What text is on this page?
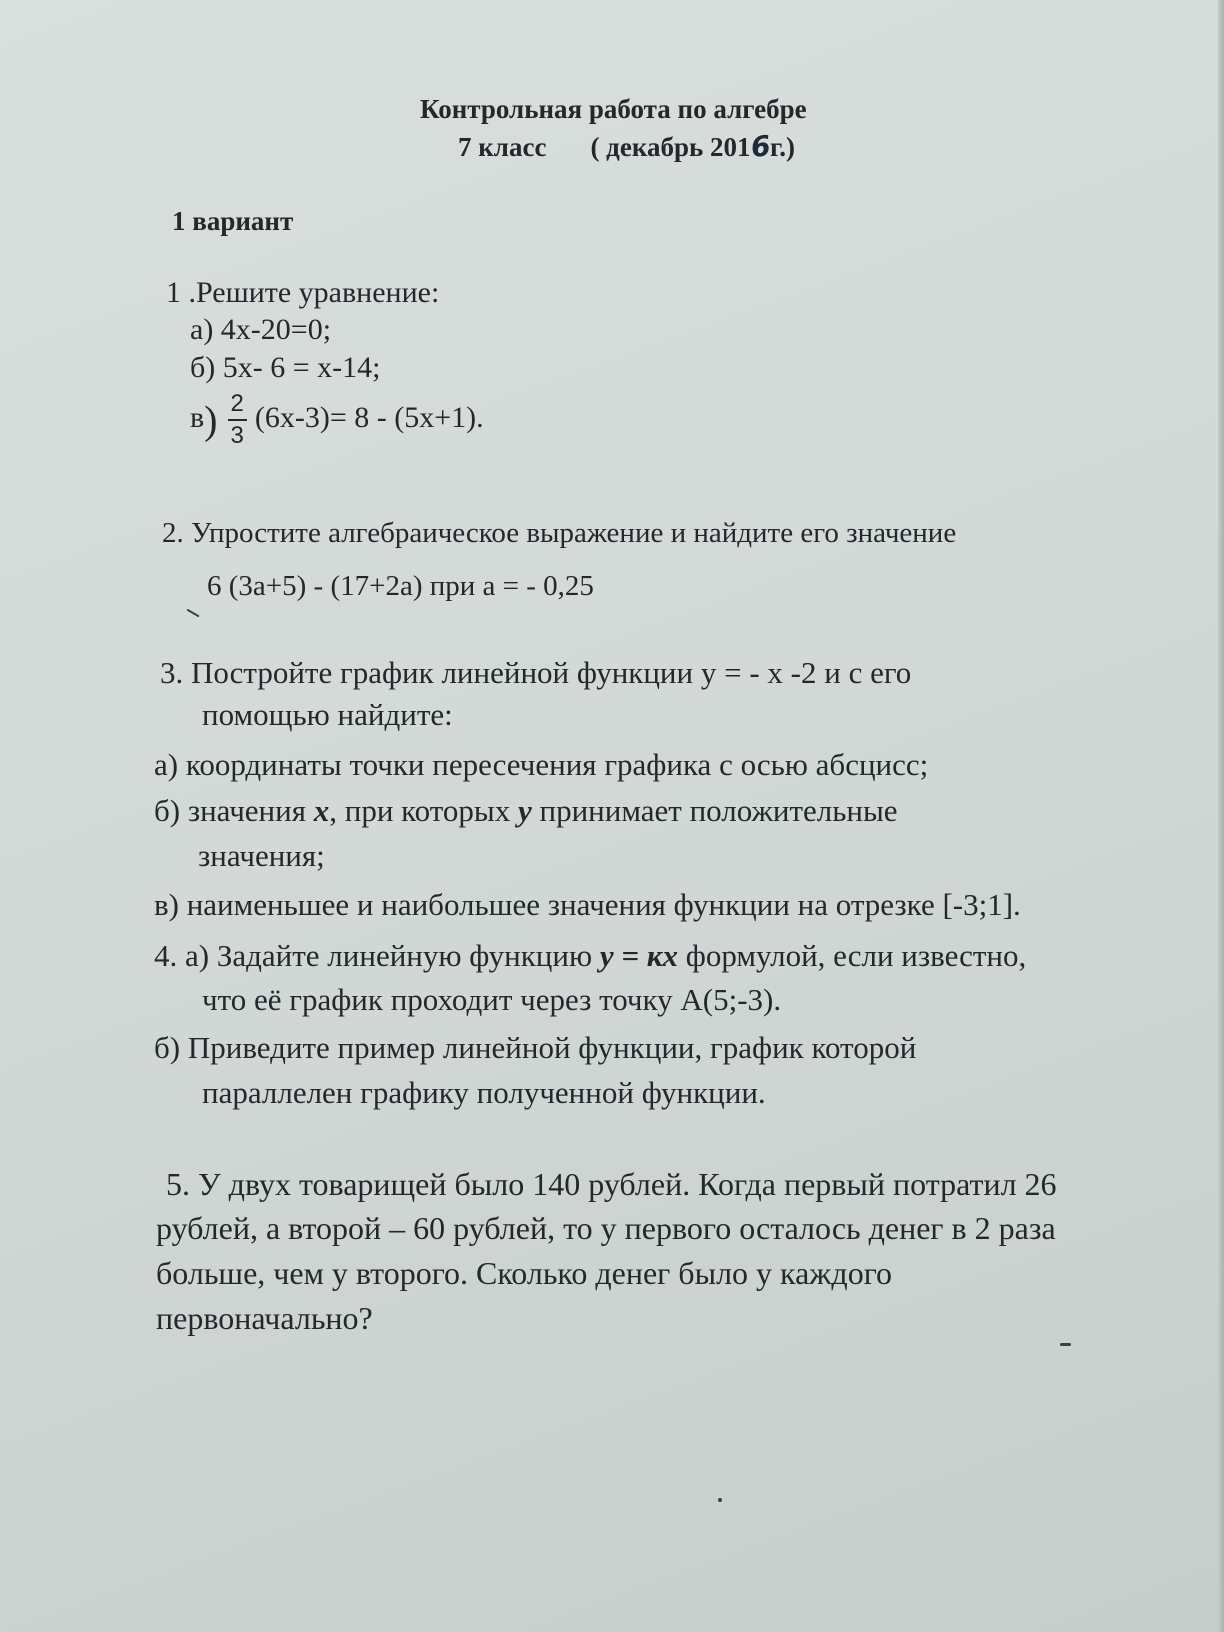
Контрольная работа по алгебре
7 класс ( декабрь 2016г.)
1 вариант
1 .Решите уравнение:
а) 4х-20=0;
б) 5х- 6 = х-14;
$в) \frac{2}{3} (6х-3)= 8 - (5х+1)$.
2. Упростите алгебраическое выражение и найдите его значение
6 (3а+5) - (17+2а) при а = - 0,25
3. Постройте график линейной функции у = - х -2 и с его
помощью найдите:
а) координаты точки пересечения графика с осью абсцисс;
б) значения х, при которых у принимает положительные
значения;
в) наименьшее и наибольшее значения функции на отрезке [-3;1].
4. а) Задайте линейную функцию у = кх формулой, если известно,
что её график проходит через точку А(5;-3).
б) Приведите пример линейной функции, график которой
параллелен графику полученной функции.
5. У двух товарищей было 140 рублей. Когда первый потратил 26
рублей, а второй – 60 рублей, то у первого осталось денег в 2 раза
больше, чем у второго. Сколько денег было у каждого
первоначально?
